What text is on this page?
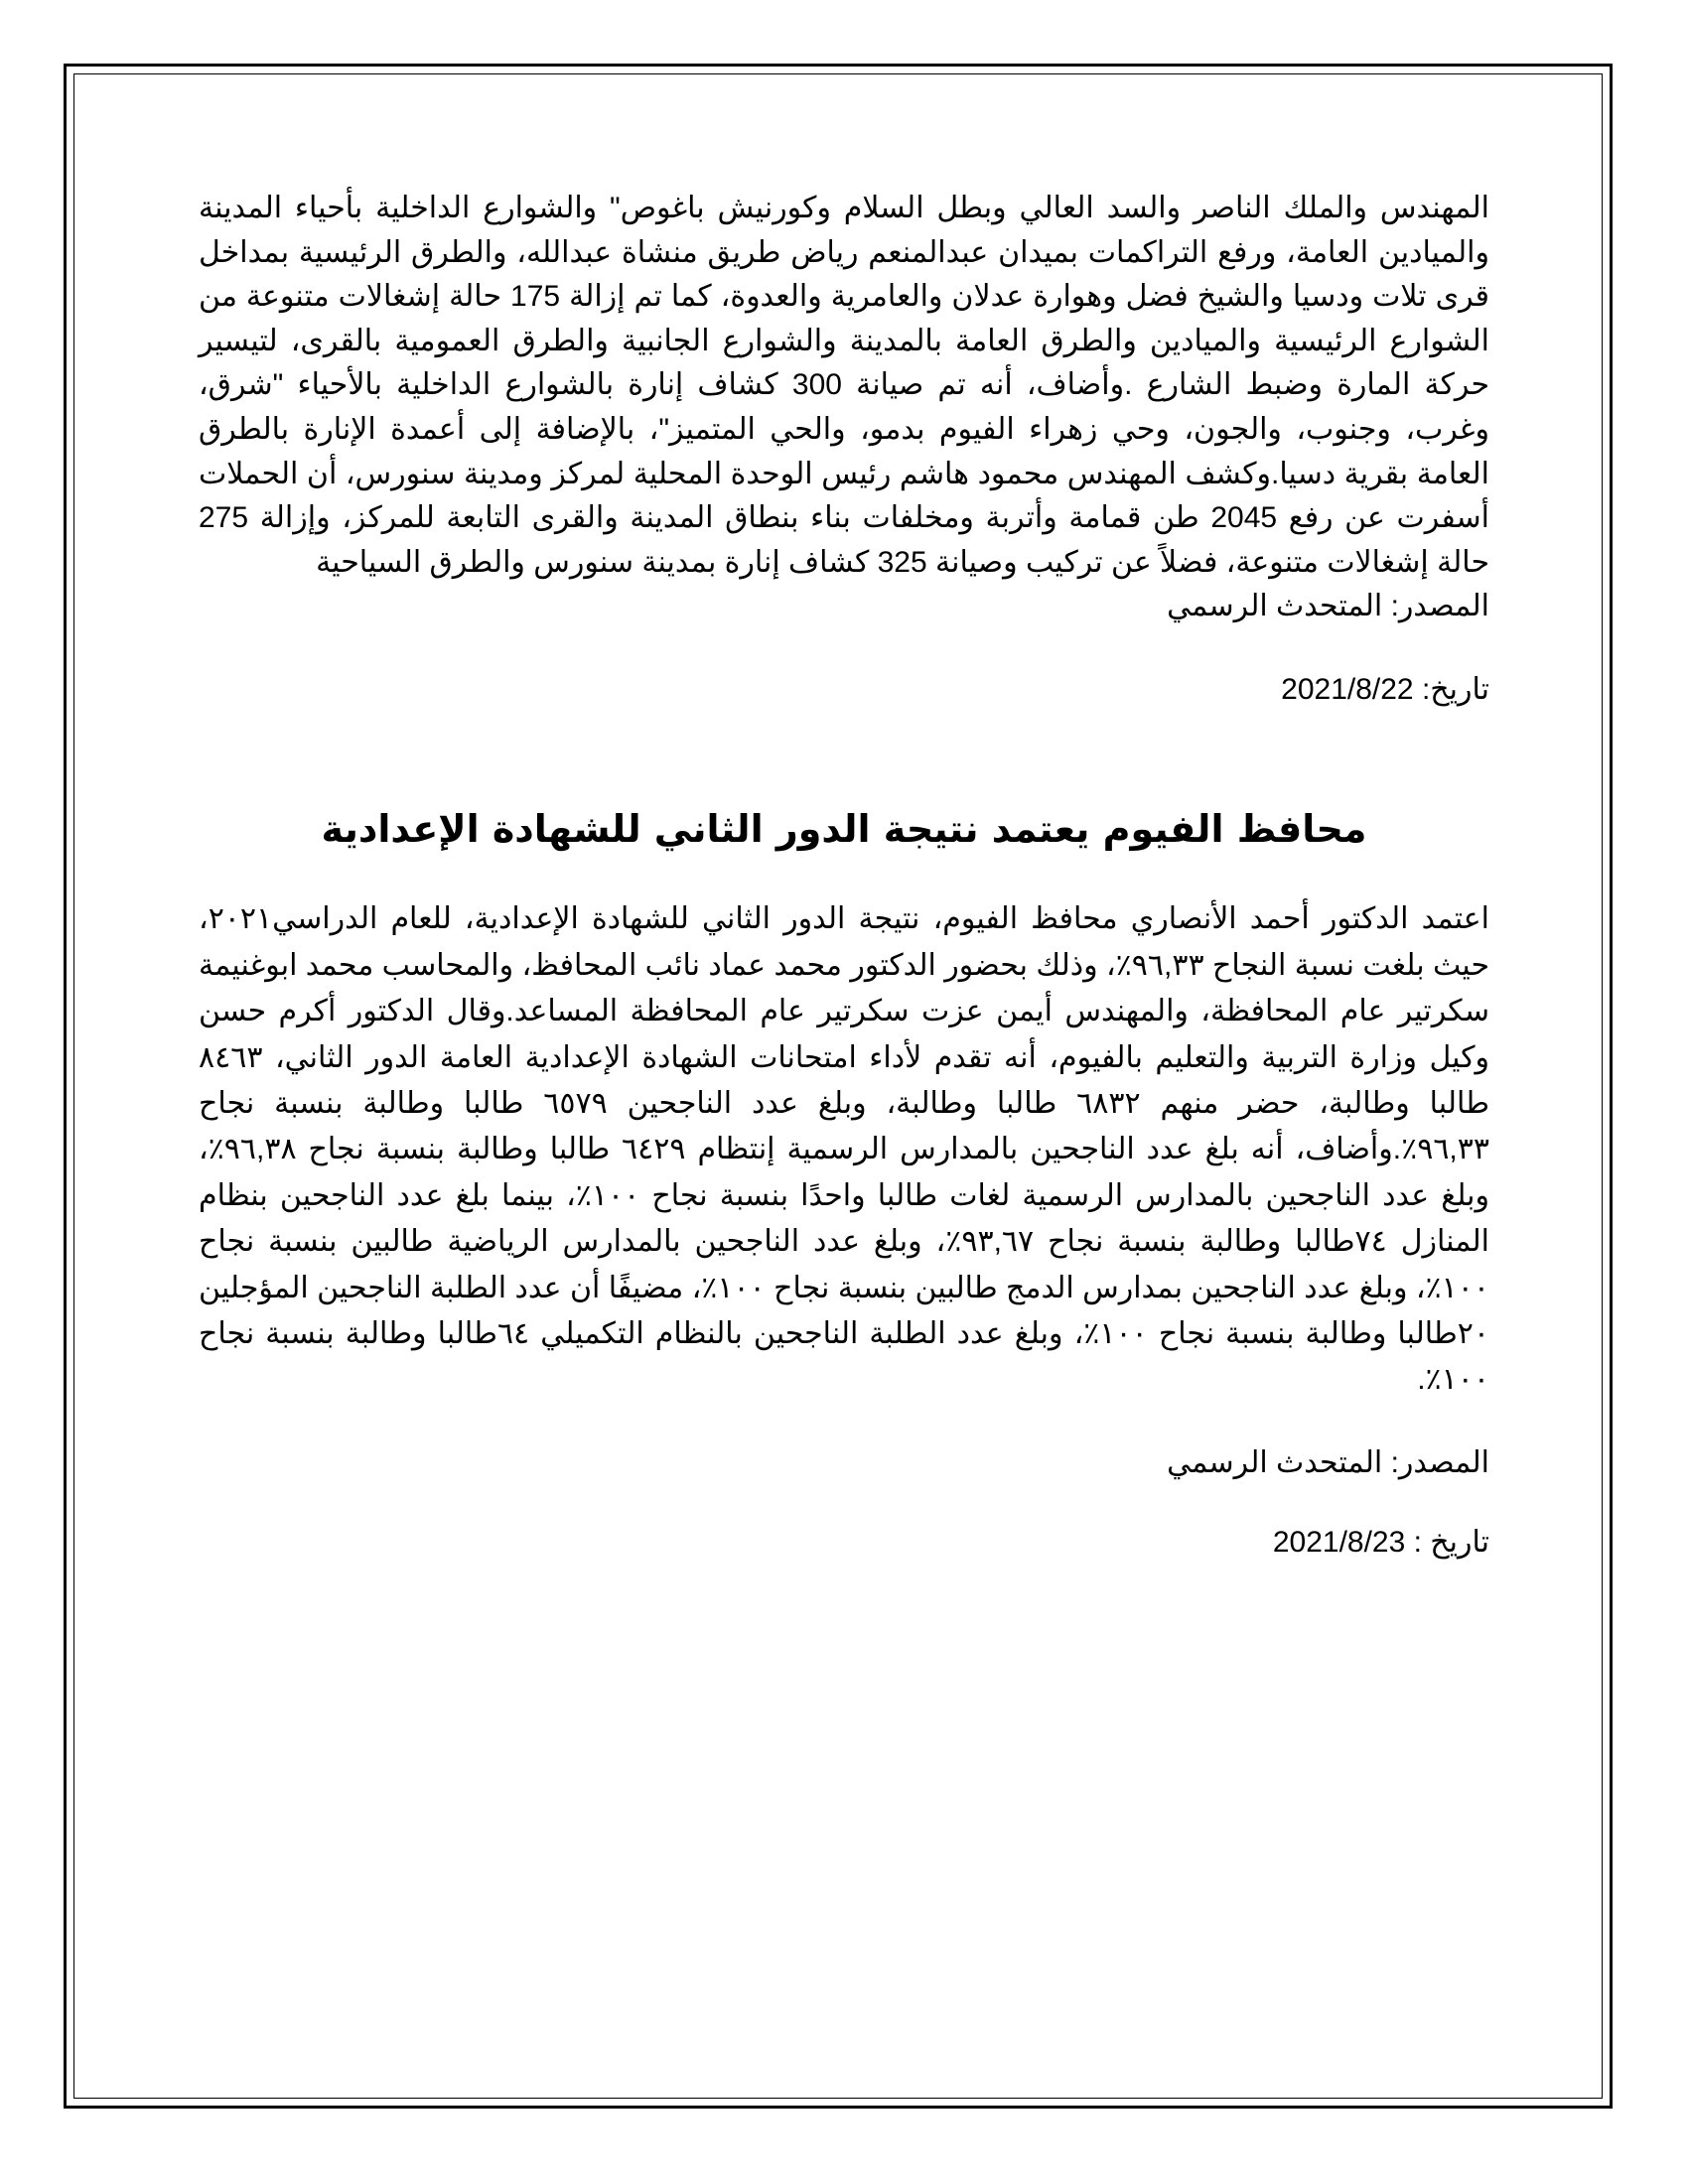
المهندس والملك الناصر والسد العالي وبطل السلام وكورنيش باغوص" والشوارع الداخلية بأحياء المدينة والميادين العامة، ورفع التراكمات بميدان عبدالمنعم رياض طريق منشاة عبدالله، والطرق الرئيسية بمداخل قرى تلات ودسيا والشيخ فضل وهوارة عدلان والعامرية والعدوة، كما تم إزالة 175 حالة إشغالات متنوعة من الشوارع الرئيسية والميادين والطرق العامة بالمدينة والشوارع الجانبية والطرق العمومية بالقرى، لتيسير حركة المارة وضبط الشارع .وأضاف، أنه تم صيانة 300 كشاف إنارة بالشوارع الداخلية بالأحياء "شرق، وغرب، وجنوب، والجون، وحي زهراء الفيوم بدمو، والحي المتميز"، بالإضافة إلى أعمدة الإنارة بالطرق العامة بقرية دسيا.وكشف المهندس محمود هاشم رئيس الوحدة المحلية لمركز ومدينة سنورس، أن الحملات أسفرت عن رفع 2045 طن قمامة وأتربة ومخلفات بناء بنطاق المدينة والقرى التابعة للمركز، وإزالة 275 حالة إشغالات متنوعة، فضلاً عن تركيب وصيانة 325 كشاف إنارة بمدينة سنورس والطرق السياحية

المصدر: المتحدث الرسمي

تاريخ: 2021/8/22

محافظ الفيوم يعتمد نتيجة الدور الثاني للشهادة الإعدادية

اعتمد الدكتور أحمد الأنصاري محافظ الفيوم، نتيجة الدور الثاني للشهادة الإعدادية، للعام الدراسي٢٠٢١، حيث بلغت نسبة النجاح ٩٦,٣٣٪، وذلك بحضور الدكتور محمد عماد نائب المحافظ، والمحاسب محمد ابوغنيمة سكرتير عام المحافظة، والمهندس أيمن عزت سكرتير عام المحافظة المساعد.وقال الدكتور أكرم حسن وكيل وزارة التربية والتعليم بالفيوم، أنه تقدم لأداء امتحانات الشهادة الإعدادية العامة الدور الثاني، ٨٤٦٣ طالبا وطالبة، حضر منهم ٦٨٣٢ طالبا وطالبة، وبلغ عدد الناجحين ٦٥٧٩ طالبا وطالبة بنسبة نجاح ٩٦,٣٣٪.وأضاف، أنه بلغ عدد الناجحين بالمدارس الرسمية إنتظام ٦٤٢٩ طالبا وطالبة بنسبة نجاح ٩٦,٣٨٪، وبلغ عدد الناجحين بالمدارس الرسمية لغات طالبا واحدًا بنسبة نجاح ١٠٠٪، بينما بلغ عدد الناجحين بنظام المنازل ٧٤طالبا وطالبة بنسبة نجاح ٩٣,٦٧٪، وبلغ عدد الناجحين بالمدارس الرياضية طالبين بنسبة نجاح ١٠٠٪، وبلغ عدد الناجحين بمدارس الدمج طالبين بنسبة نجاح ١٠٠٪، مضيفًا أن عدد الطلبة الناجحين المؤجلين ٢٠طالبا وطالبة بنسبة نجاح ١٠٠٪، وبلغ عدد الطلبة الناجحين بالنظام التكميلي ٦٤طالبا وطالبة بنسبة نجاح ١٠٠٪.

المصدر: المتحدث الرسمي

تاريخ : 2021/8/23
